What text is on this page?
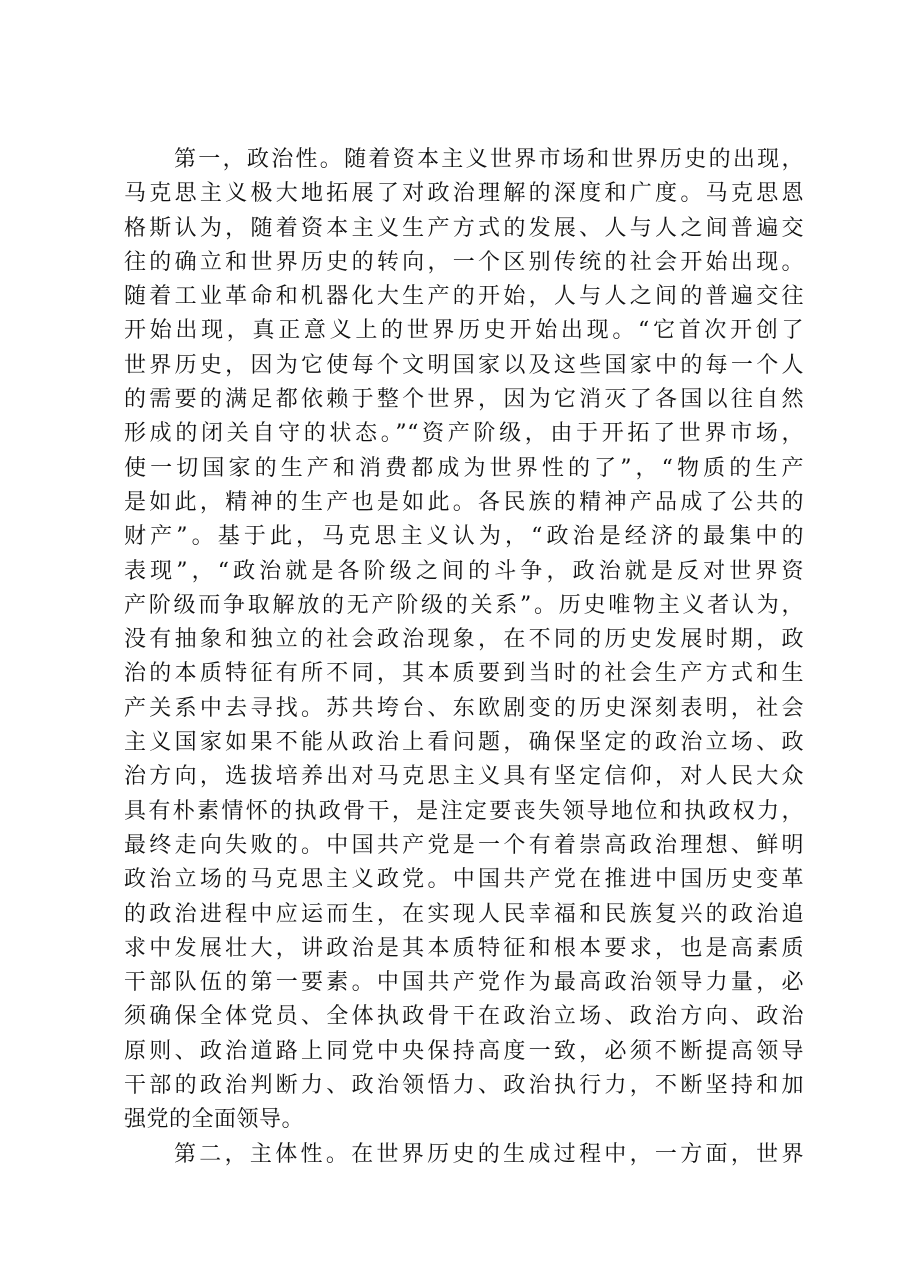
第一，政治性。随着资本主义世界市场和世界历史的出现，
马克思主义极大地拓展了对政治理解的深度和广度。马克思恩
格斯认为，随着资本主义生产方式的发展、人与人之间普遍交
往的确立和世界历史的转向，一个区别传统的社会开始出现。
随着工业革命和机器化大生产的开始，人与人之间的普遍交往
开始出现，真正意义上的世界历史开始出现。“它首次开创了
世界历史，因为它使每个文明国家以及这些国家中的每一个人
的需要的满足都依赖于整个世界，因为它消灭了各国以往自然
形成的闭关自守的状态。”“资产阶级，由于开拓了世界市场，
使一切国家的生产和消费都成为世界性的了”，“物质的生产
是如此，精神的生产也是如此。各民族的精神产品成了公共的
财产”。基于此，马克思主义认为，“政治是经济的最集中的
表现”，“政治就是各阶级之间的斗争，政治就是反对世界资
产阶级而争取解放的无产阶级的关系”。历史唯物主义者认为，
没有抽象和独立的社会政治现象，在不同的历史发展时期，政
治的本质特征有所不同，其本质要到当时的社会生产方式和生
产关系中去寻找。苏共垮台、东欧剧变的历史深刻表明，社会
主义国家如果不能从政治上看问题，确保坚定的政治立场、政
治方向，选拔培养出对马克思主义具有坚定信仰，对人民大众
具有朴素情怀的执政骨干，是注定要丧失领导地位和执政权力，
最终走向失败的。中国共产党是一个有着崇高政治理想、鲜明
政治立场的马克思主义政党。中国共产党在推进中国历史变革
的政治进程中应运而生，在实现人民幸福和民族复兴的政治追
求中发展壮大，讲政治是其本质特征和根本要求，也是高素质
干部队伍的第一要素。中国共产党作为最高政治领导力量，必
须确保全体党员、全体执政骨干在政治立场、政治方向、政治
原则、政治道路上同党中央保持高度一致，必须不断提高领导
干部的政治判断力、政治领悟力、政治执行力，不断坚持和加
强党的全面领导。
第二，主体性。在世界历史的生成过程中，一方面，世界
